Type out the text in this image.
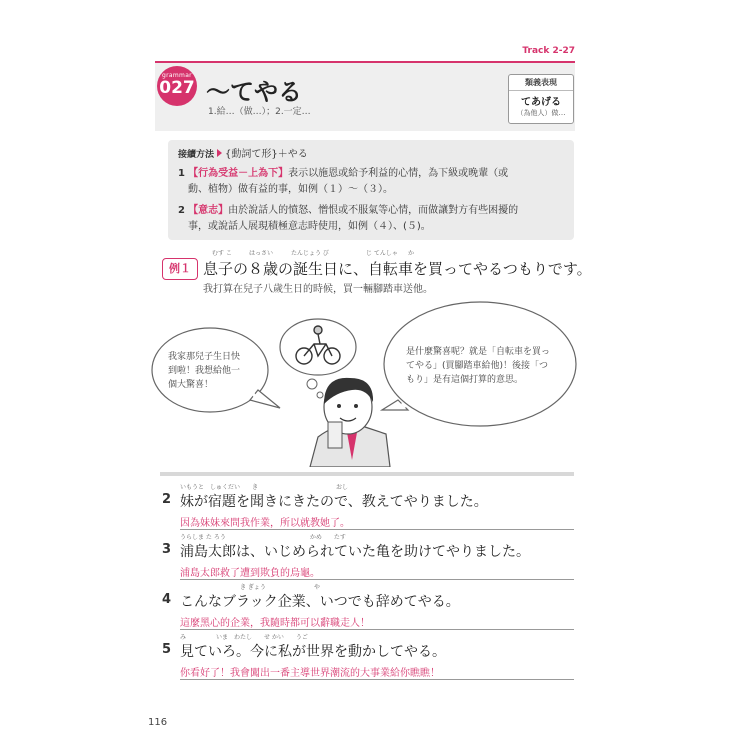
Track 2-27
grammar
027 〜てやる
1.給…（做…）；2.一定…
類義表現
てあげる
（為他人）做…
接續方法 {動詞て形}＋やる
1 【行為受益－上為下】表示以施恩或給予利益的心情，為下級或晚輩（或
動、植物）做有益的事，如例（１）～（３）。
2 【意志】由於說話人的憤怒、憎恨或不服氣等心情，而做讓對方有些困擾的
事，或說話人展現積極意志時使用，如例（４）、(５)。
例１
むす こ	はっさい	たんじょう び	じ てんしゃ か
息子の８歳の誕生日に、自転車を買ってやるつもりです。
我打算在兒子八歲生日的時候，買一輛腳踏車送他。
我家那兒子生日快
到啦！我想給他一
個大驚喜！
是什麼驚喜呢？就是「自転車を買っ
てやる」(買腳踏車給他)！後接「つ
もり」是有這個打算的意思。
いもうと　しゅくだい　　き　　　　　　　　　　　　　おし
2 妹が宿題を聞きにきたので、教えてやりました。
因為妹妹來問我作業，所以就教她了。
うらしま た ろう　　　　　　　　　　　　　　かめ　　たす
3 浦島太郎は、いじめられていた亀を助けてやりました。
浦島太郎救了遭到欺負的烏龜。
　　　　　　　　　　き ぎょう　　　　　　　　や
4 こんなブラック企業、いつでも辞めてやる。
這麼黑心的企業，我隨時都可以辭職走人！
み　　　　　いま　わたし　　せ かい　　うご
5 見ていろ。今に私が世界を動かしてやる。
你看好了！我會闖出一番主導世界潮流的大事業給你瞧瞧！
116
